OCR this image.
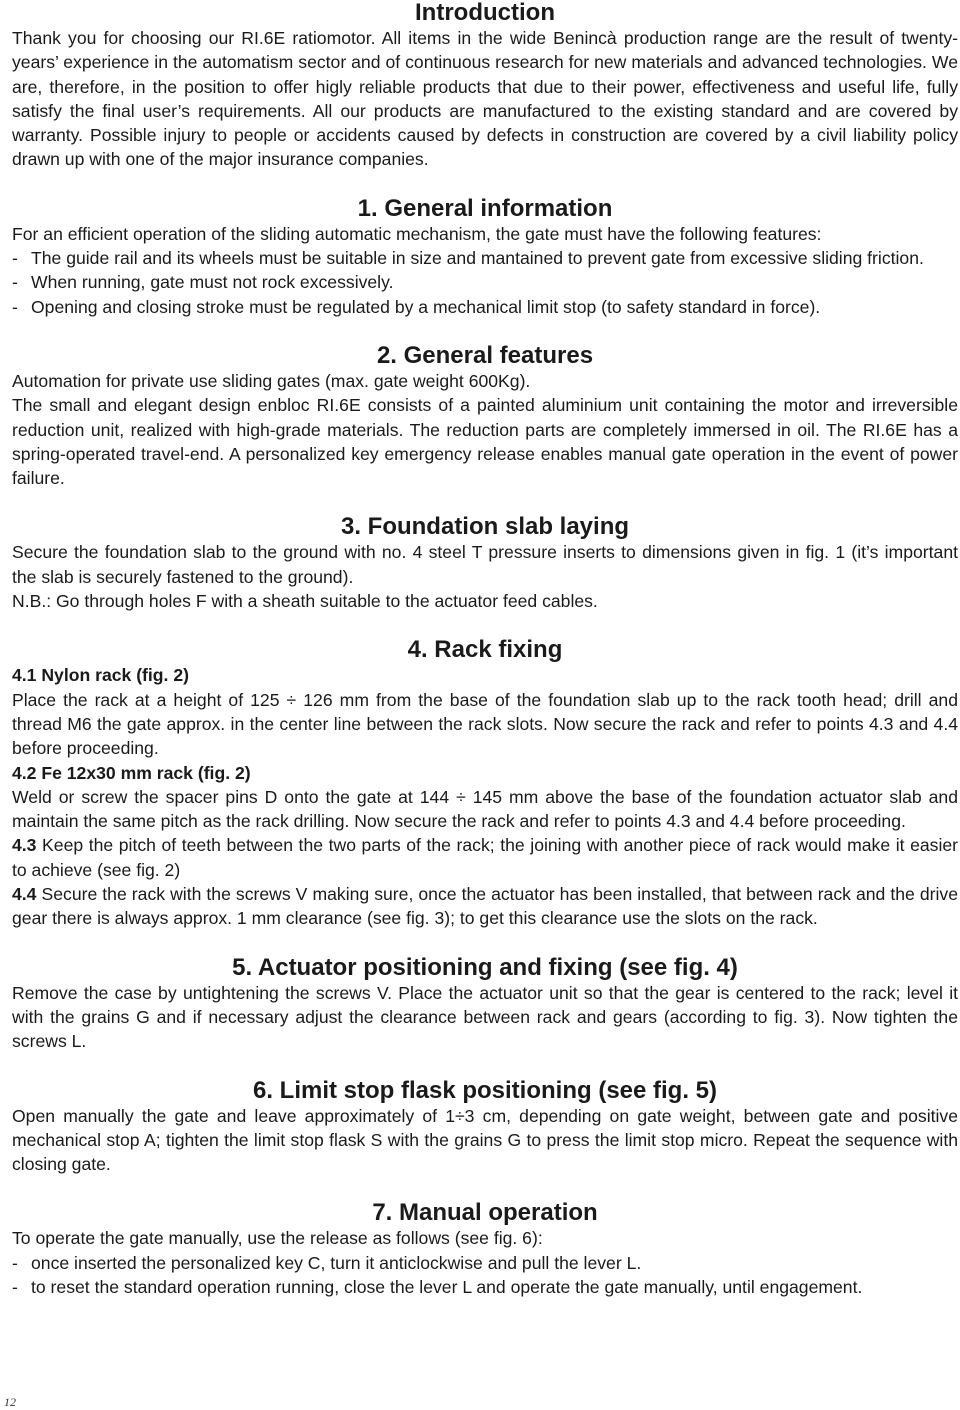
Introduction

Thank you for choosing our RI.6E ratiomotor. All items in the wide Benincà production range are the result of twenty-years’ experience in the automatism sector and of continuous research for new materials and advanced technologies. We are, therefore, in the position to offer higly reliable products that due to their power, effectiveness and useful life, fully satisfy the final user’s requirements. All our products are manufactured to the existing standard and are covered by warranty. Possible injury to people or accidents caused by defects in construction are covered by a civil liability policy drawn up with one of the major insurance companies.

1. General information

For an efficient operation of the sliding automatic mechanism, the gate must have the following features:

- The guide rail and its wheels must be suitable in size and mantained to prevent gate from excessive sliding friction.
- When running, gate must not rock excessively.
- Opening and closing stroke must be regulated by a mechanical limit stop (to safety standard in force).
2. General features

Automation for private use sliding gates (max. gate weight 600Kg).

The small and elegant design enbloc RI.6E consists of a painted aluminium unit containing the motor and irreversible reduction unit, realized with high-grade materials. The reduction parts are completely immersed in oil. The RI.6E has a spring-operated travel-end. A personalized key emergency release enables manual gate operation in the event of power failure.

3. Foundation slab laying

Secure the foundation slab to the ground with no. 4 steel T pressure inserts to dimensions given in fig. 1 (it’s important the slab is securely fastened to the ground).

N.B.: Go through holes F with a sheath suitable to the actuator feed cables.

4. Rack fixing

4.1 Nylon rack (fig. 2)

Place the rack at a height of 125 ÷ 126 mm from the base of the foundation slab up to the rack tooth head; drill and thread M6 the gate approx. in the center line between the rack slots. Now secure the rack and refer to points 4.3 and 4.4 before proceeding.

4.2 Fe 12x30 mm rack (fig. 2)

Weld or screw the spacer pins D onto the gate at 144 ÷ 145 mm above the base of the foundation actuator slab and maintain the same pitch as the rack drilling. Now secure the rack and refer to points 4.3 and 4.4 before proceeding.

4.3 Keep the pitch of teeth between the two parts of the rack; the joining with another piece of rack would make it easier to achieve (see fig. 2)

4.4 Secure the rack with the screws V making sure, once the actuator has been installed, that between rack and the drive gear there is always approx. 1 mm clearance (see fig. 3); to get this clearance use the slots on the rack.

5. Actuator positioning and fixing (see fig. 4)

Remove the case by untightening the screws V. Place the actuator unit so that the gear is centered to the rack; level it with the grains G and if necessary adjust the clearance between rack and gears (according to fig. 3). Now tighten the screws L.

6. Limit stop flask positioning (see fig. 5)

Open manually the gate and leave approximately of 1÷3 cm, depending on gate weight, between gate and positive mechanical stop A; tighten the limit stop flask S with the grains G to press the limit stop micro. Repeat the sequence with closing gate.

7. Manual operation

To operate the gate manually, use the release as follows (see fig. 6):

- once inserted the personalized key C, turn it anticlockwise and pull the lever L.
- to reset the standard operation running, close the lever L and operate the gate manually, until engagement.
12
